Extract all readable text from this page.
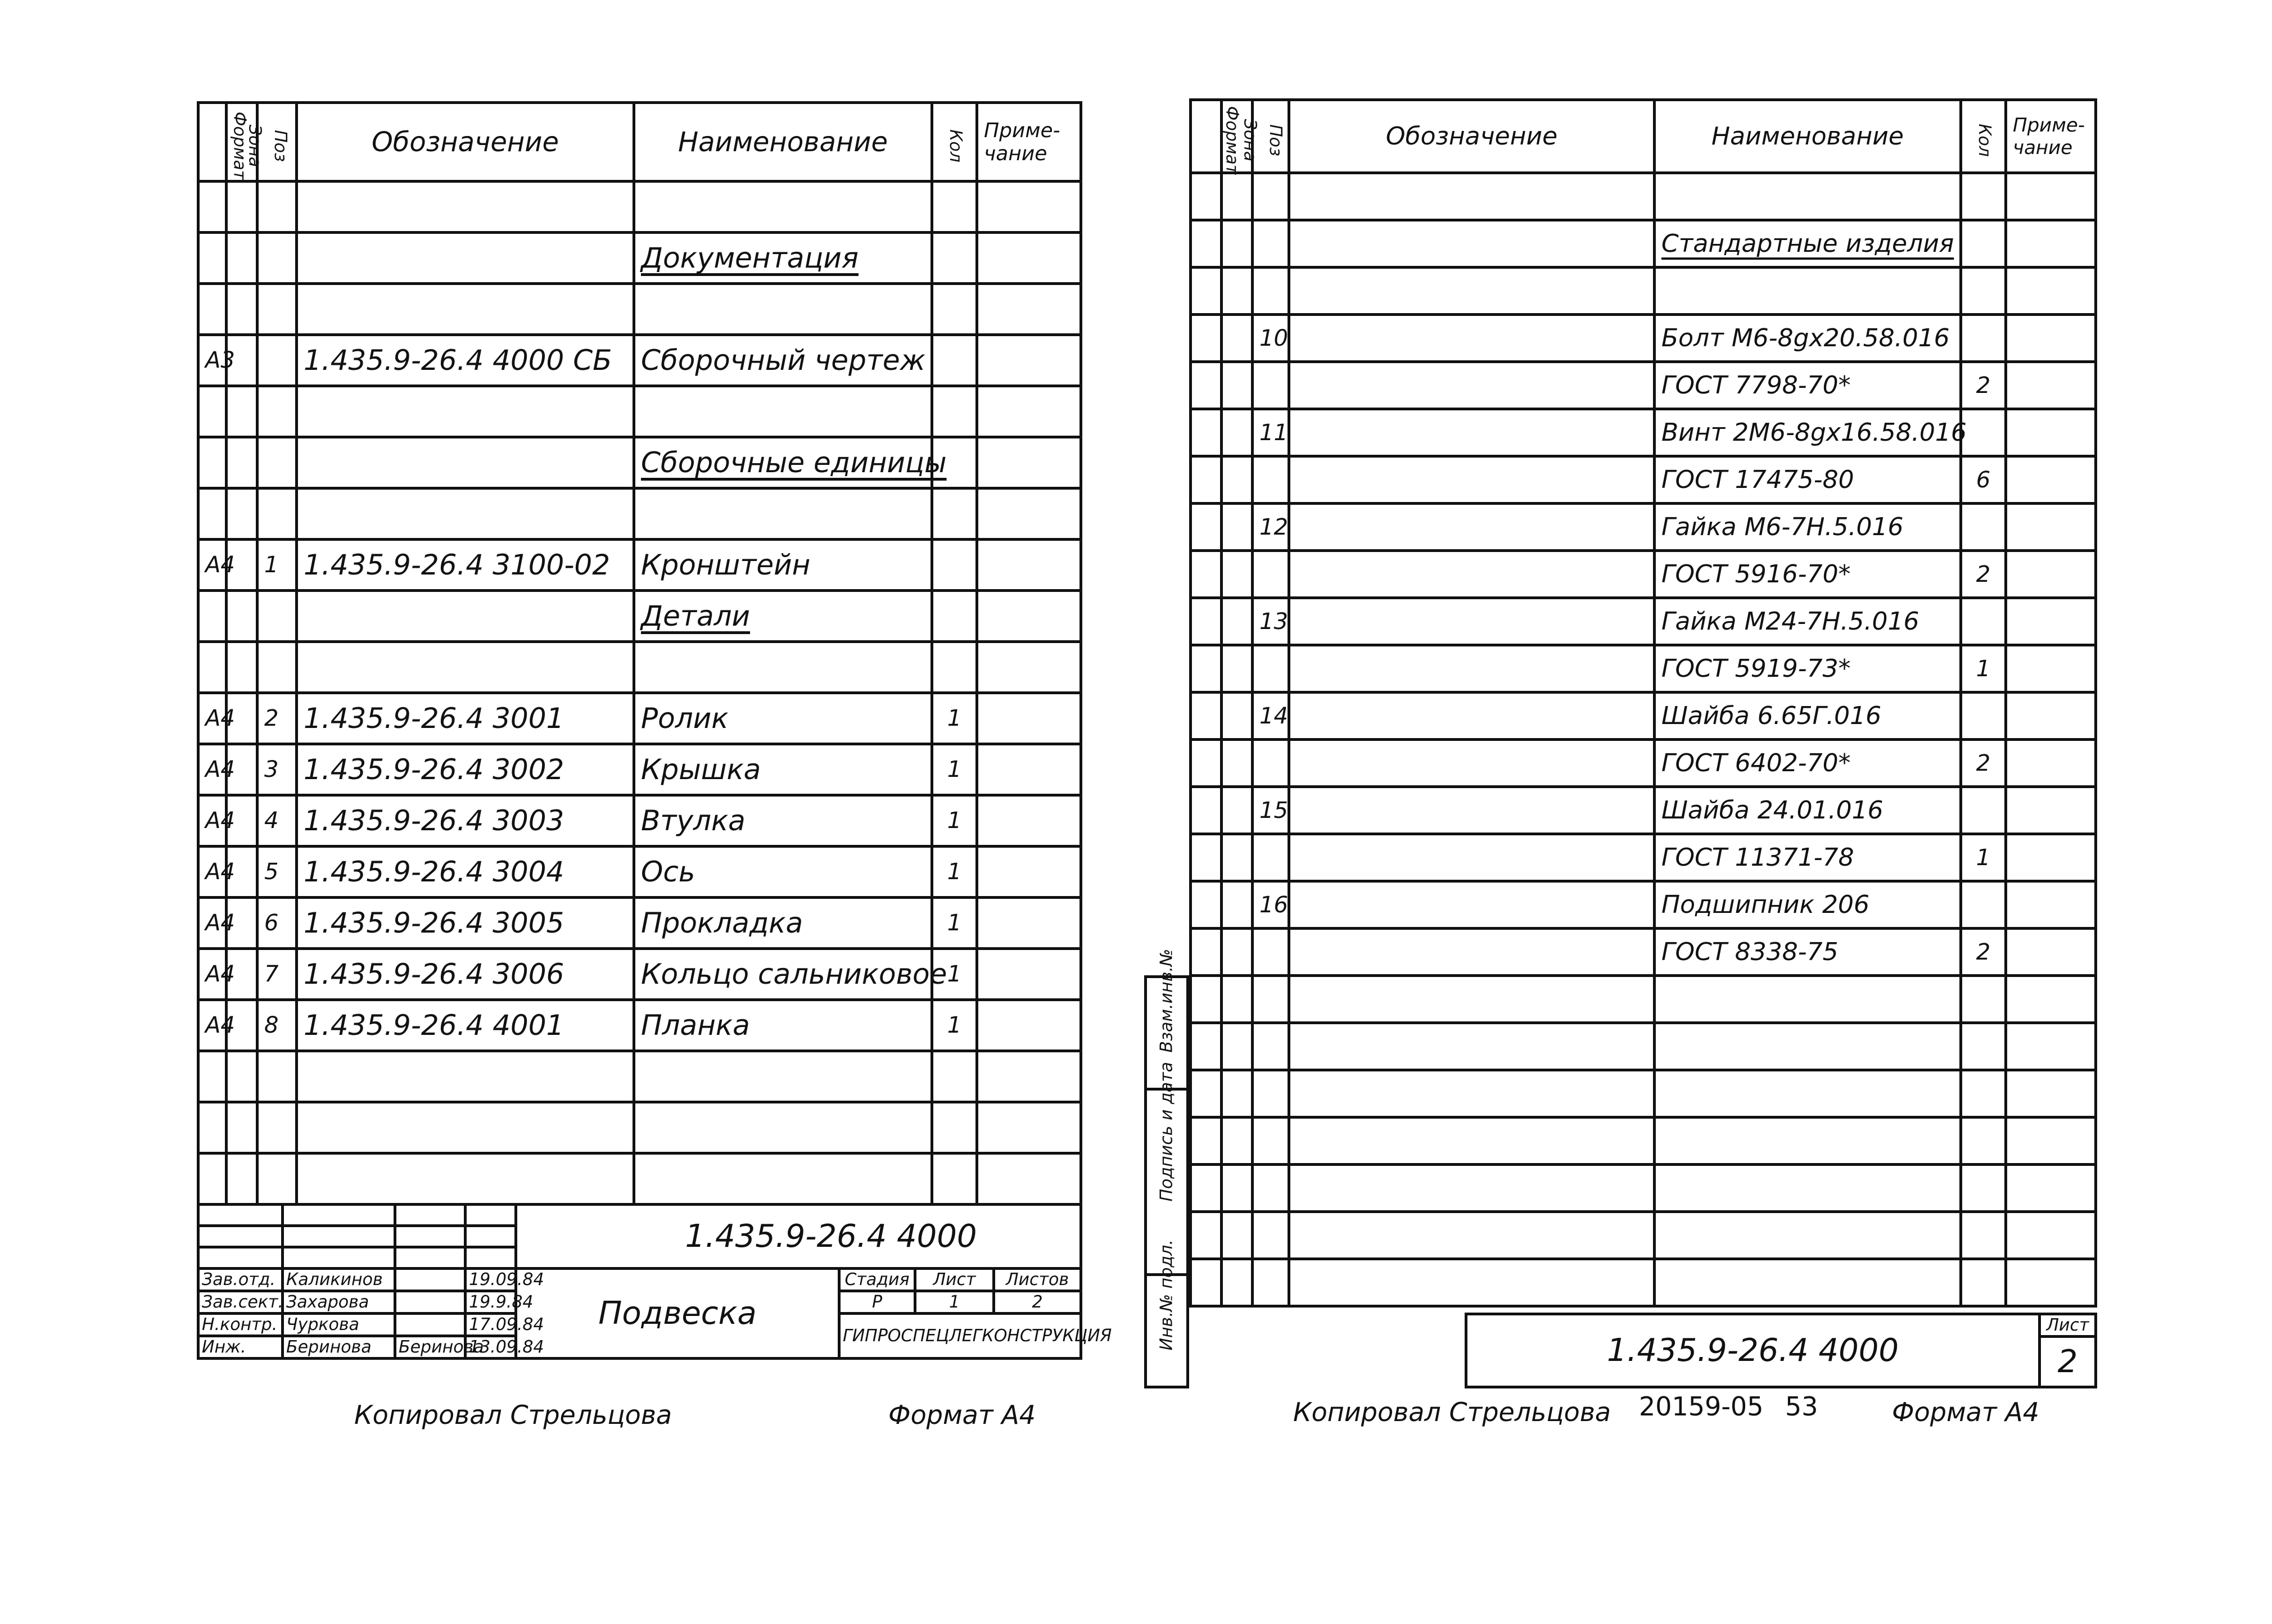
Формат	Зона	Поз	Обозначение	Наименование	Кол	Приме-чание

				Документация		

А3			1.435.9-26.4 4000 СБ	Сборочный чертеж		

				Сборочные единицы		

А4		1	1.435.9-26.4 3100-02	Кронштейн		
				Детали		

А4		2	1.435.9-26.4 3001	Ролик	1	
А4		3	1.435.9-26.4 3002	Крышка	1	
А4		4	1.435.9-26.4 3003	Втулка	1	
А4		5	1.435.9-26.4 3004	Ось	1	
А4		6	1.435.9-26.4 3005	Прокладка	1	
А4		7	1.435.9-26.4 3006	Кольцо сальниковое	1	
А4		8	1.435.9-26.4 4001	Планка	1	

				1.435.9-26.4 4000			

Зав.отд.	Каликинов		19.09.84	Подвеска	Стадия	Лист	Листов
Зав.сект.	Захарова		19.9.84		Р	1	2
Н.контр.	Чуркова		17.09.84		ГИПРОСПЕЦЛЕГКОНСТРУКЦИЯ		
Инж.	Беринова	Беринова	13.09.84				
Копировал Стрельцова	Формат А4
Формат	Зона	Поз	Обозначение	Наименование	Кол	Приме-чание

				Стандартные изделия		

		10		Болт М6-8gх20.58.016		
				ГОСТ 7798-70*	2	
		11		Винт 2М6-8gх16.58.016		
				ГОСТ 17475-80	6	
		12		Гайка М6-7Н.5.016		
				ГОСТ 5916-70*	2	
		13		Гайка М24-7Н.5.016		
				ГОСТ 5919-73*	1	
		14		Шайба 6.65Г.016		
				ГОСТ 6402-70*	2	
		15		Шайба 24.01.016		
				ГОСТ 11371-78	1	
		16		Подшипник 206		
				ГОСТ 8338-75	2	

Взам.инв.№

Подпись и дата

Инв.№ подл.	1.435.9-26.4 4000	Лист
2
Копировал Стрельцова 20159-05 53	Формат А4
